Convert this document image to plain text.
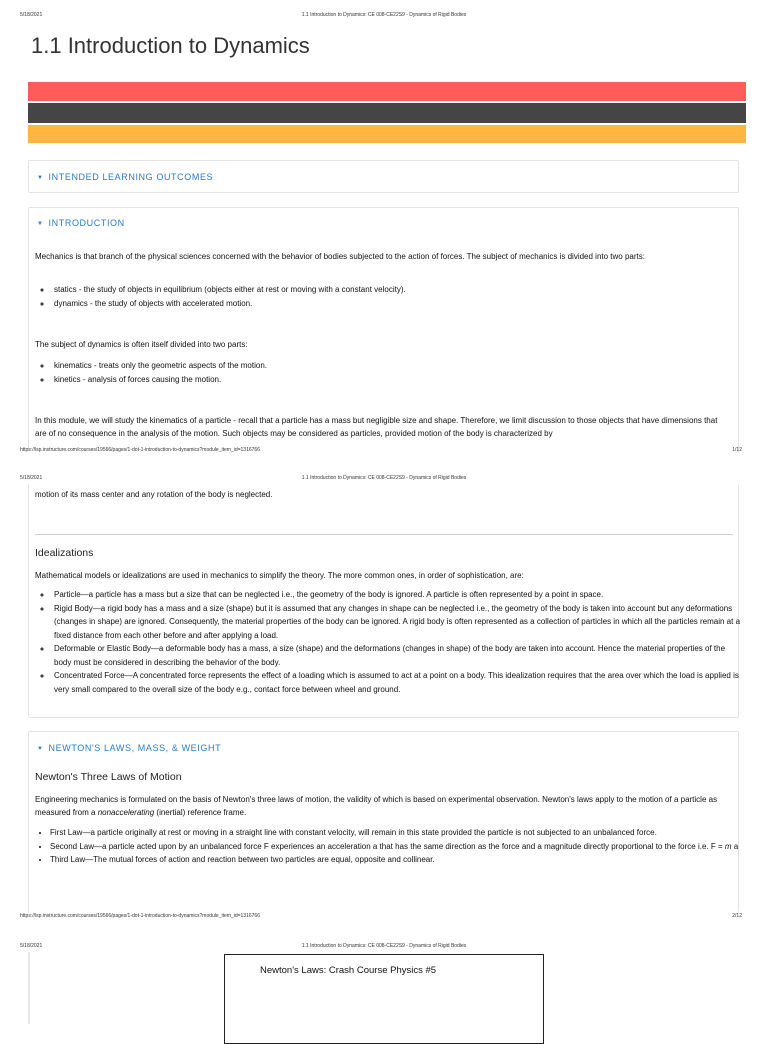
5/18/2021	1.1 Introduction to Dynamics: CE 008-CE22S9 - Dynamics of Rigid Bodies
1.1 Introduction to Dynamics
▼ INTENDED LEARNING OUTCOMES
▼ INTRODUCTION
Mechanics is that branch of the physical sciences concerned with the behavior of bodies subjected to the action of forces. The subject of mechanics is divided into two parts:
◦ statics - the study of objects in equilibrium (objects either at rest or moving with a constant velocity).
◦ dynamics - the study of objects with accelerated motion.
The subject of dynamics is often itself divided into two parts:
◦ kinematics - treats only the geometric aspects of the motion.
◦ kinetics - analysis of forces causing the motion.
In this module, we will study the kinematics of a particle - recall that a particle has a mass but negligible size and shape. Therefore, we limit discussion to those objects that have dimensions that are of no consequence in the analysis of the motion. Such objects may be considered as particles, provided motion of the body is characterized by
https://lsp.instructure.com/courses/19566/pages/1-dot-1-introduction-to-dynamics?module_item_id=1316766	1/12
5/18/2021	1.1 Introduction to Dynamics: CE 008-CE22S9 - Dynamics of Rigid Bodies
motion of its mass center and any rotation of the body is neglected.
Idealizations
Mathematical models or idealizations are used in mechanics to simplify the theory. The more common ones, in order of sophistication, are:
◦ Particle—a particle has a mass but a size that can be neglected i.e., the geometry of the body is ignored. A particle is often represented by a point in space.
◦ Rigid Body—a rigid body has a mass and a size (shape) but it is assumed that any changes in shape can be neglected i.e., the geometry of the body is taken into account but any deformations (changes in shape) are ignored. Consequently, the material properties of the body can be ignored. A rigid body is often represented as a collection of particles in which all the particles remain at a fixed distance from each other before and after applying a load.
◦ Deformable or Elastic Body—a deformable body has a mass, a size (shape) and the deformations (changes in shape) of the body are taken into account. Hence the material properties of the body must be considered in describing the behavior of the body.
◦ Concentrated Force—A concentrated force represents the effect of a loading which is assumed to act at a point on a body. This idealization requires that the area over which the load is applied is very small compared to the overall size of the body e.g., contact force between wheel and ground.
▼ NEWTON'S LAWS, MASS, & WEIGHT
Newton's Three Laws of Motion
Engineering mechanics is formulated on the basis of Newton's three laws of motion, the validity of which is based on experimental observation. Newton's laws apply to the motion of a particle as measured from a nonaccelerating (inertial) reference frame.
• First Law—a particle originally at rest or moving in a straight line with constant velocity, will remain in this state provided the particle is not subjected to an unbalanced force.
• Second Law—a particle acted upon by an unbalanced force F experiences an acceleration a that has the same direction as the force and a magnitude directly proportional to the force i.e. F = m a
• Third Law—The mutual forces of action and reaction between two particles are equal, opposite and collinear.
https://lsp.instructure.com/courses/19566/pages/1-dot-1-introduction-to-dynamics?module_item_id=1316766	2/12
5/18/2021	1.1 Introduction to Dynamics: CE 008-CE22S9 - Dynamics of Rigid Bodies
Newton's Laws: Crash Course Physics #5
